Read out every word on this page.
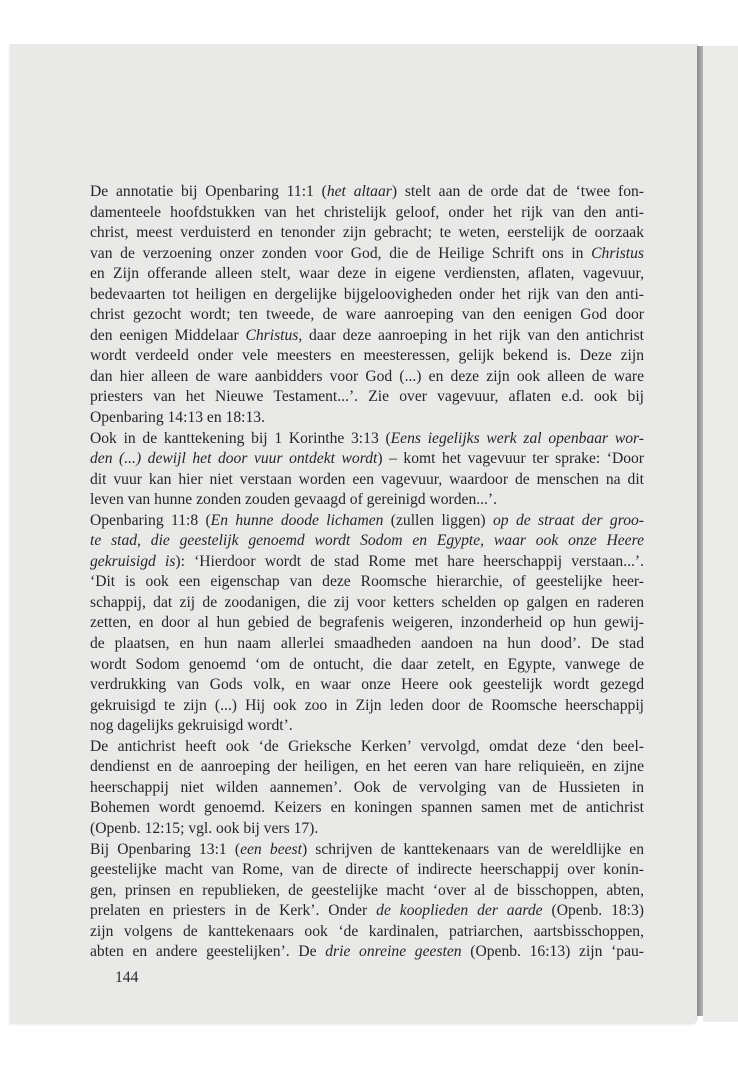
De annotatie bij Openbaring 11:1 (het altaar) stelt aan de orde dat de ‘twee fon-
damenteele hoofdstukken van het christelijk geloof, onder het rijk van den anti-
christ, meest verduisterd en tenonder zijn gebracht; te weten, eerstelijk de oorzaak
van de verzoening onzer zonden voor God, die de Heilige Schrift ons in Christus
en Zijn offerande alleen stelt, waar deze in eigene verdiensten, aflaten, vagevuur,
bedevaarten tot heiligen en dergelijke bijgeloovigheden onder het rijk van den anti-
christ gezocht wordt; ten tweede, de ware aanroeping van den eenigen God door
den eenigen Middelaar Christus, daar deze aanroeping in het rijk van den antichrist
wordt verdeeld onder vele meesters en meesteressen, gelijk bekend is. Deze zijn
dan hier alleen de ware aanbidders voor God (...) en deze zijn ook alleen de ware
priesters van het Nieuwe Testament...’. Zie over vagevuur, aflaten e.d. ook bij
Openbaring 14:13 en 18:13.
Ook in de kanttekening bij 1 Korinthe 3:13 (Eens iegelijks werk zal openbaar wor-
den (...) dewijl het door vuur ontdekt wordt) – komt het vagevuur ter sprake: ‘Door
dit vuur kan hier niet verstaan worden een vagevuur, waardoor de menschen na dit
leven van hunne zonden zouden gevaagd of gereinigd worden...’.
Openbaring 11:8 (En hunne doode lichamen (zullen liggen) op de straat der groo-
te stad, die geestelijk genoemd wordt Sodom en Egypte, waar ook onze Heere
gekruisigd is): ‘Hierdoor wordt de stad Rome met hare heerschappij verstaan...’.
‘Dit is ook een eigenschap van deze Roomsche hierarchie, of geestelijke heer-
schappij, dat zij de zoodanigen, die zij voor ketters schelden op galgen en raderen
zetten, en door al hun gebied de begrafenis weigeren, inzonderheid op hun gewij-
de plaatsen, en hun naam allerlei smaadheden aandoen na hun dood’. De stad
wordt Sodom genoemd ‘om de ontucht, die daar zetelt, en Egypte, vanwege de
verdrukking van Gods volk, en waar onze Heere ook geestelijk wordt gezegd
gekruisigd te zijn (...) Hij ook zoo in Zijn leden door de Roomsche heerschappij
nog dagelijks gekruisigd wordt’.
De antichrist heeft ook ‘de Grieksche Kerken’ vervolgd, omdat deze ‘den beel-
dendienst en de aanroeping der heiligen, en het eeren van hare reliquieën, en zijne
heerschappij niet wilden aannemen’. Ook de vervolging van de Hussieten in
Bohemen wordt genoemd. Keizers en koningen spannen samen met de antichrist
(Openb. 12:15; vgl. ook bij vers 17).
Bij Openbaring 13:1 (een beest) schrijven de kanttekenaars van de wereldlijke en
geestelijke macht van Rome, van de directe of indirecte heerschappij over konin-
gen, prinsen en republieken, de geestelijke macht ‘over al de bisschoppen, abten,
prelaten en priesters in de Kerk’. Onder de kooplieden der aarde (Openb. 18:3)
zijn volgens de kanttekenaars ook ‘de kardinalen, patriarchen, aartsbisschoppen,
abten en andere geestelijken’. De drie onreine geesten (Openb. 16:13) zijn ‘pau-
144
